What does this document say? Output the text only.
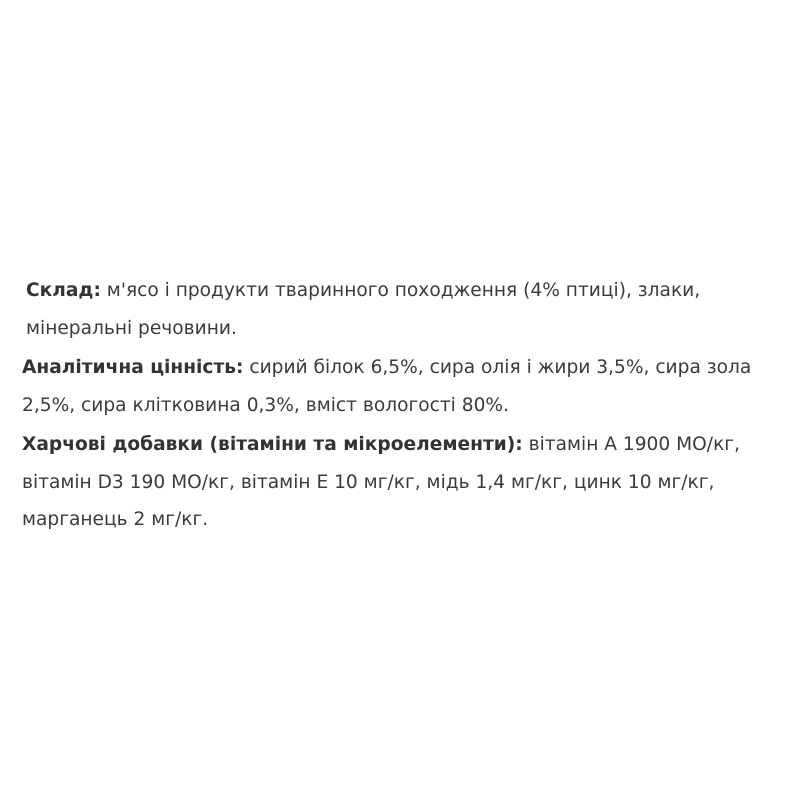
Склад: м'ясо і продукти тваринного походження (4% птиці), злаки, мінеральні речовини.

Аналітична цінність: сирий білок 6,5%, сира олія і жири 3,5%, сира зола 2,5%, сира клітковина 0,3%, вміст вологості 80%.

Харчові добавки (вітаміни та мікроелементи): вітамін А 1900 МО/кг, вітамін D3 190 МО/кг, вітамін Е 10 мг/кг, мідь 1,4 мг/кг, цинк 10 мг/кг, марганець 2 мг/кг.
